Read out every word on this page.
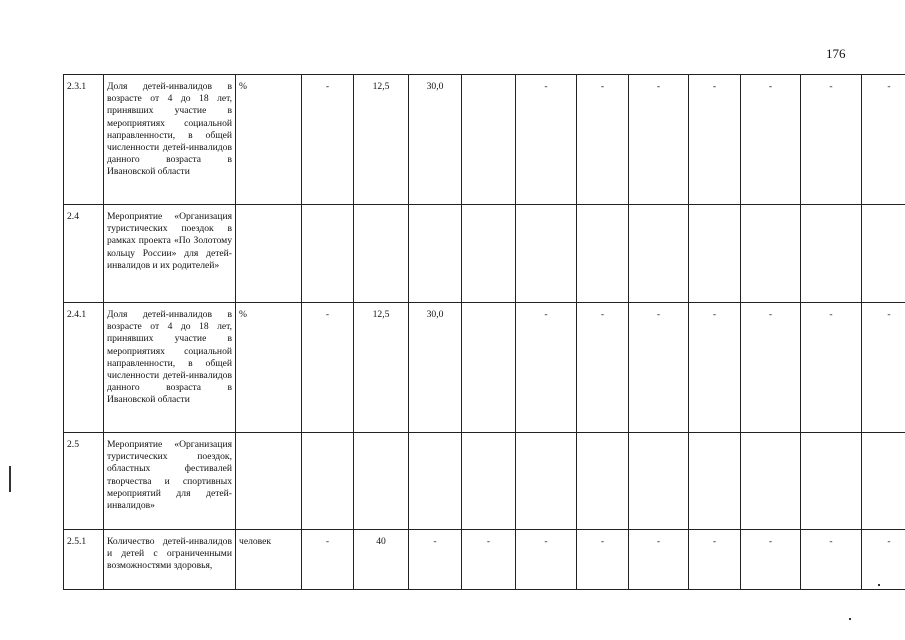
176
2.3.1	Доля детей-инвалидов в возрасте от 4 до 18 лет, принявших участие в мероприятиях социальной направленности, в общей численности детей-инвалидов данного возраста в Ивановской области	%	-	12,5	30,0		-	-	-	-	-	-	-
2.4	Мероприятие «Организация туристических поездок в рамках проекта «По Золотому кольцу России» для детей-инвалидов и их родителей»												
2.4.1	Доля детей-инвалидов в возрасте от 4 до 18 лет, принявших участие в мероприятиях социальной направленности, в общей численности детей-инвалидов данного возраста в Ивановской области	%	-	12,5	30,0		-	-	-	-	-	-	-
2.5	Мероприятие «Организация туристических поездок, областных фестивалей творчества и спортивных мероприятий для детей-инвалидов»												
2.5.1	Количество детей-инвалидов и детей с ограниченными возможностями здоровья,	человек	-	40	-	-	-	-	-	-	-	-	-
